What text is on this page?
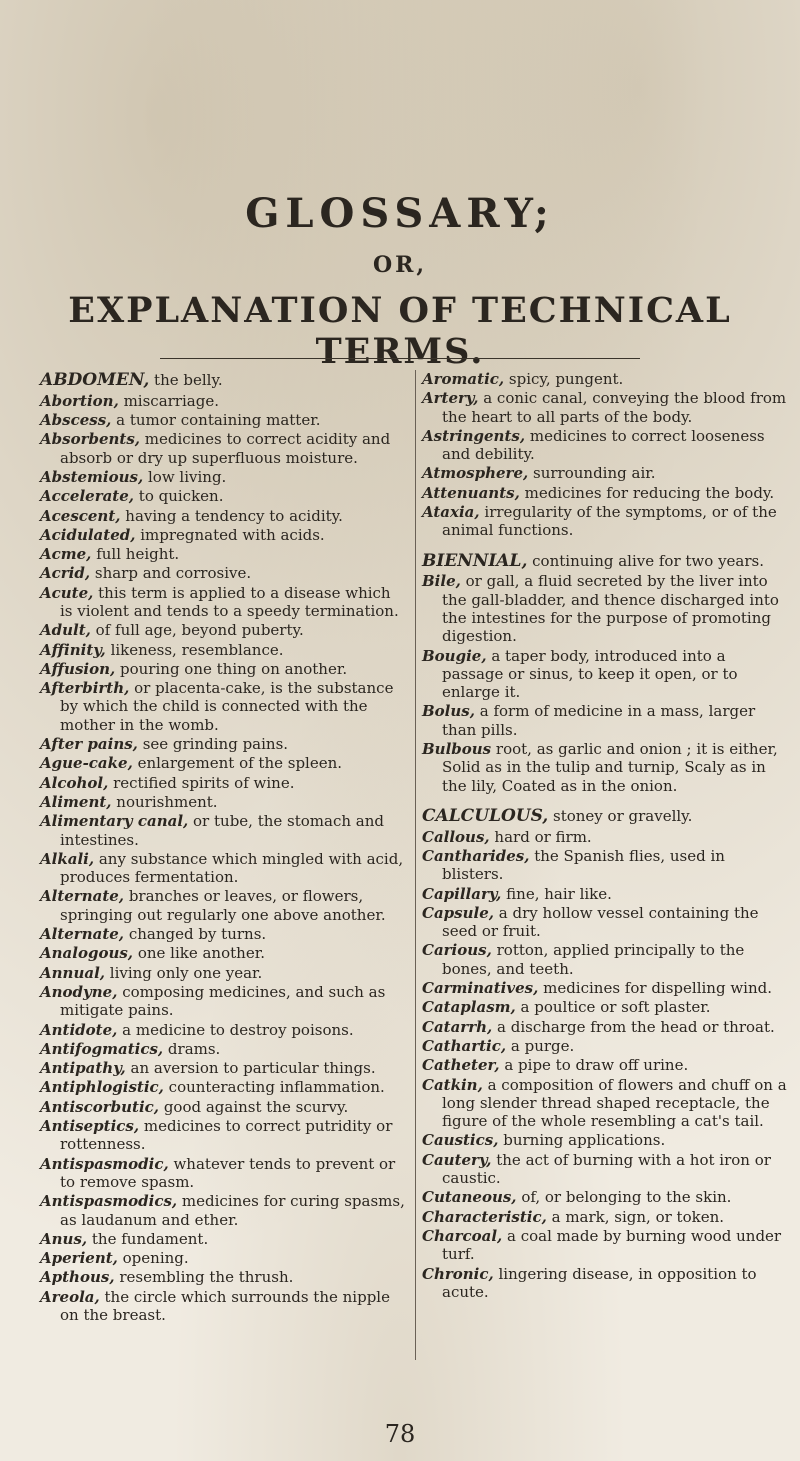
GLOSSARY;
OR,
EXPLANATION OF TECHNICAL TERMS.
ABDOMEN, the belly.
Abortion, miscarriage.
Abscess, a tumor containing matter.
Absorbents, medicines to correct acidity and absorb or dry up superfluous moisture.
Abstemious, low living.
Accelerate, to quicken.
Acescent, having a tendency to acidity.
Acidulated, impregnated with acids.
Acme, full height.
Acrid, sharp and corrosive.
Acute, this term is applied to a disease which is violent and tends to a speedy termination.
Adult, of full age, beyond puberty.
Affinity, likeness, resemblance.
Affusion, pouring one thing on another.
Afterbirth, or placenta-cake, is the substance by which the child is connected with the mother in the womb.
After pains, see grinding pains.
Ague-cake, enlargement of the spleen.
Alcohol, rectified spirits of wine.
Aliment, nourishment.
Alimentary canal, or tube, the stomach and intestines.
Alkali, any substance which mingled with acid, produces fermentation.
Alternate, branches or leaves, or flowers, springing out regularly one above another.
Alternate, changed by turns.
Analogous, one like another.
Annual, living only one year.
Anodyne, composing medicines, and such as mitigate pains.
Antidote, a medicine to destroy poisons.
Antifogmatics, drams.
Antipathy, an aversion to particular things.
Antiphlogistic, counteracting inflammation.
Antiscorbutic, good against the scurvy.
Antiseptics, medicines to correct putridity or rottenness.
Antispasmodic, whatever tends to prevent or to remove spasm.
Antispasmodics, medicines for curing spasms, as laudanum and ether.
Anus, the fundament.
Aperient, opening.
Apthous, resembling the thrush.
Areola, the circle which surrounds the nipple on the breast.
Aromatic, spicy, pungent.
Artery, a conic canal, conveying the blood from the heart to all parts of the body.
Astringents, medicines to correct looseness and debility.
Atmosphere, surrounding air.
Attenuants, medicines for reducing the body.
Ataxia, irregularity of the symptoms, or of the animal functions.
BIENNIAL, continuing alive for two years.
Bile, or gall, a fluid secreted by the liver into the gall-bladder, and thence discharged into the intestines for the purpose of promoting digestion.
Bougie, a taper body, introduced into a passage or sinus, to keep it open, or to enlarge it.
Bolus, a form of medicine in a mass, larger than pills.
Bulbous root, as garlic and onion ; it is either, Solid as in the tulip and turnip, Scaly as in the lily, Coated as in the onion.
CALCULOUS, stoney or gravelly.
Callous, hard or firm.
Cantharides, the Spanish flies, used in blisters.
Capillary, fine, hair like.
Capsule, a dry hollow vessel containing the seed or fruit.
Carious, rotton, applied principally to the bones, and teeth.
Carminatives, medicines for dispelling wind.
Cataplasm, a poultice or soft plaster.
Catarrh, a discharge from the head or throat.
Cathartic, a purge.
Catheter, a pipe to draw off urine.
Catkin, a composition of flowers and chuff on a long slender thread shaped receptacle, the figure of the whole resembling a cat's tail.
Caustics, burning applications.
Cautery, the act of burning with a hot iron or caustic.
Cutaneous, of, or belonging to the skin.
Characteristic, a mark, sign, or token.
Charcoal, a coal made by burning wood under turf.
Chronic, lingering disease, in opposition to acute.
78
